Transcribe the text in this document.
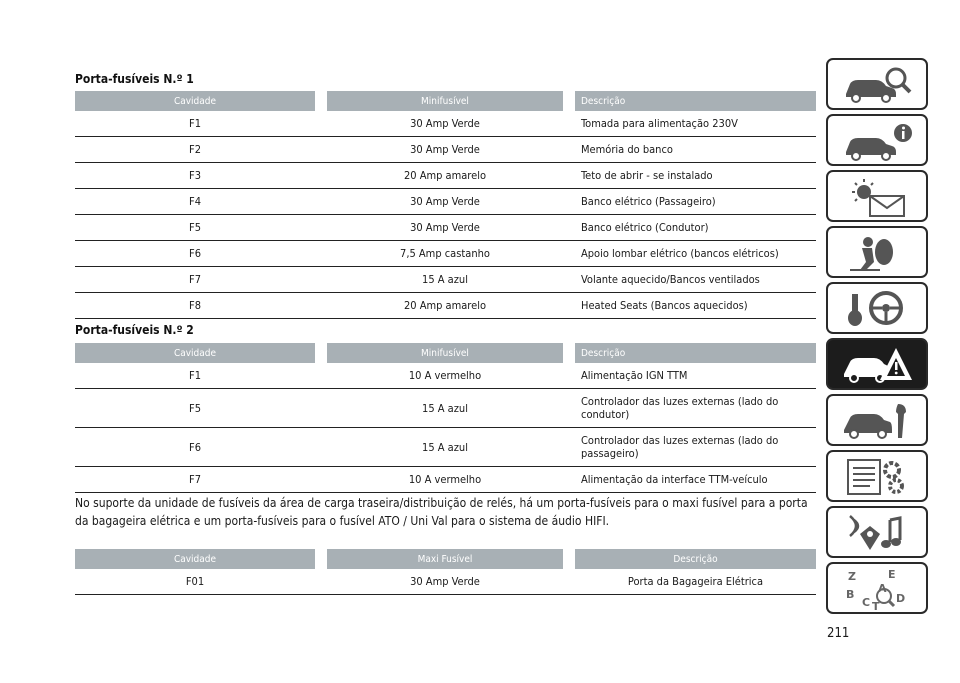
Porta-fusíveis N.º 1
Cavidade		Minifusível		Descrição
F1		30 Amp Verde		Tomada para alimentação 230V
F2		30 Amp Verde		Memória do banco
F3		20 Amp amarelo		Teto de abrir - se instalado
F4		30 Amp Verde		Banco elétrico (Passageiro)
F5		30 Amp Verde		Banco elétrico (Condutor)
F6		7,5 Amp castanho		Apoio lombar elétrico (bancos elétricos)
F7		15 A azul		Volante aquecido/Bancos ventilados
F8		20 Amp amarelo		Heated Seats (Bancos aquecidos)
Porta-fusíveis N.º 2
Cavidade		Minifusível		Descrição
F1		10 A vermelho		Alimentação IGN TTM
F5		15 A azul		Controlador das luzes externas (lado do condutor)
F6		15 A azul		Controlador das luzes externas (lado do passageiro)
F7		10 A vermelho		Alimentação da interface TTM-veículo
No suporte da unidade de fusíveis da área de carga traseira/distribuição de relés, há um porta-fusíveis para o maxi fusível para a porta da bagageira elétrica e um porta-fusíveis para o fusível ATO / Uni Val para o sistema de áudio HIFI.
Cavidade		Maxi Fusível		Descrição
F01		30 Amp Verde		Porta da Bagageira Elétrica	Z	E
B A
C T
D
211
